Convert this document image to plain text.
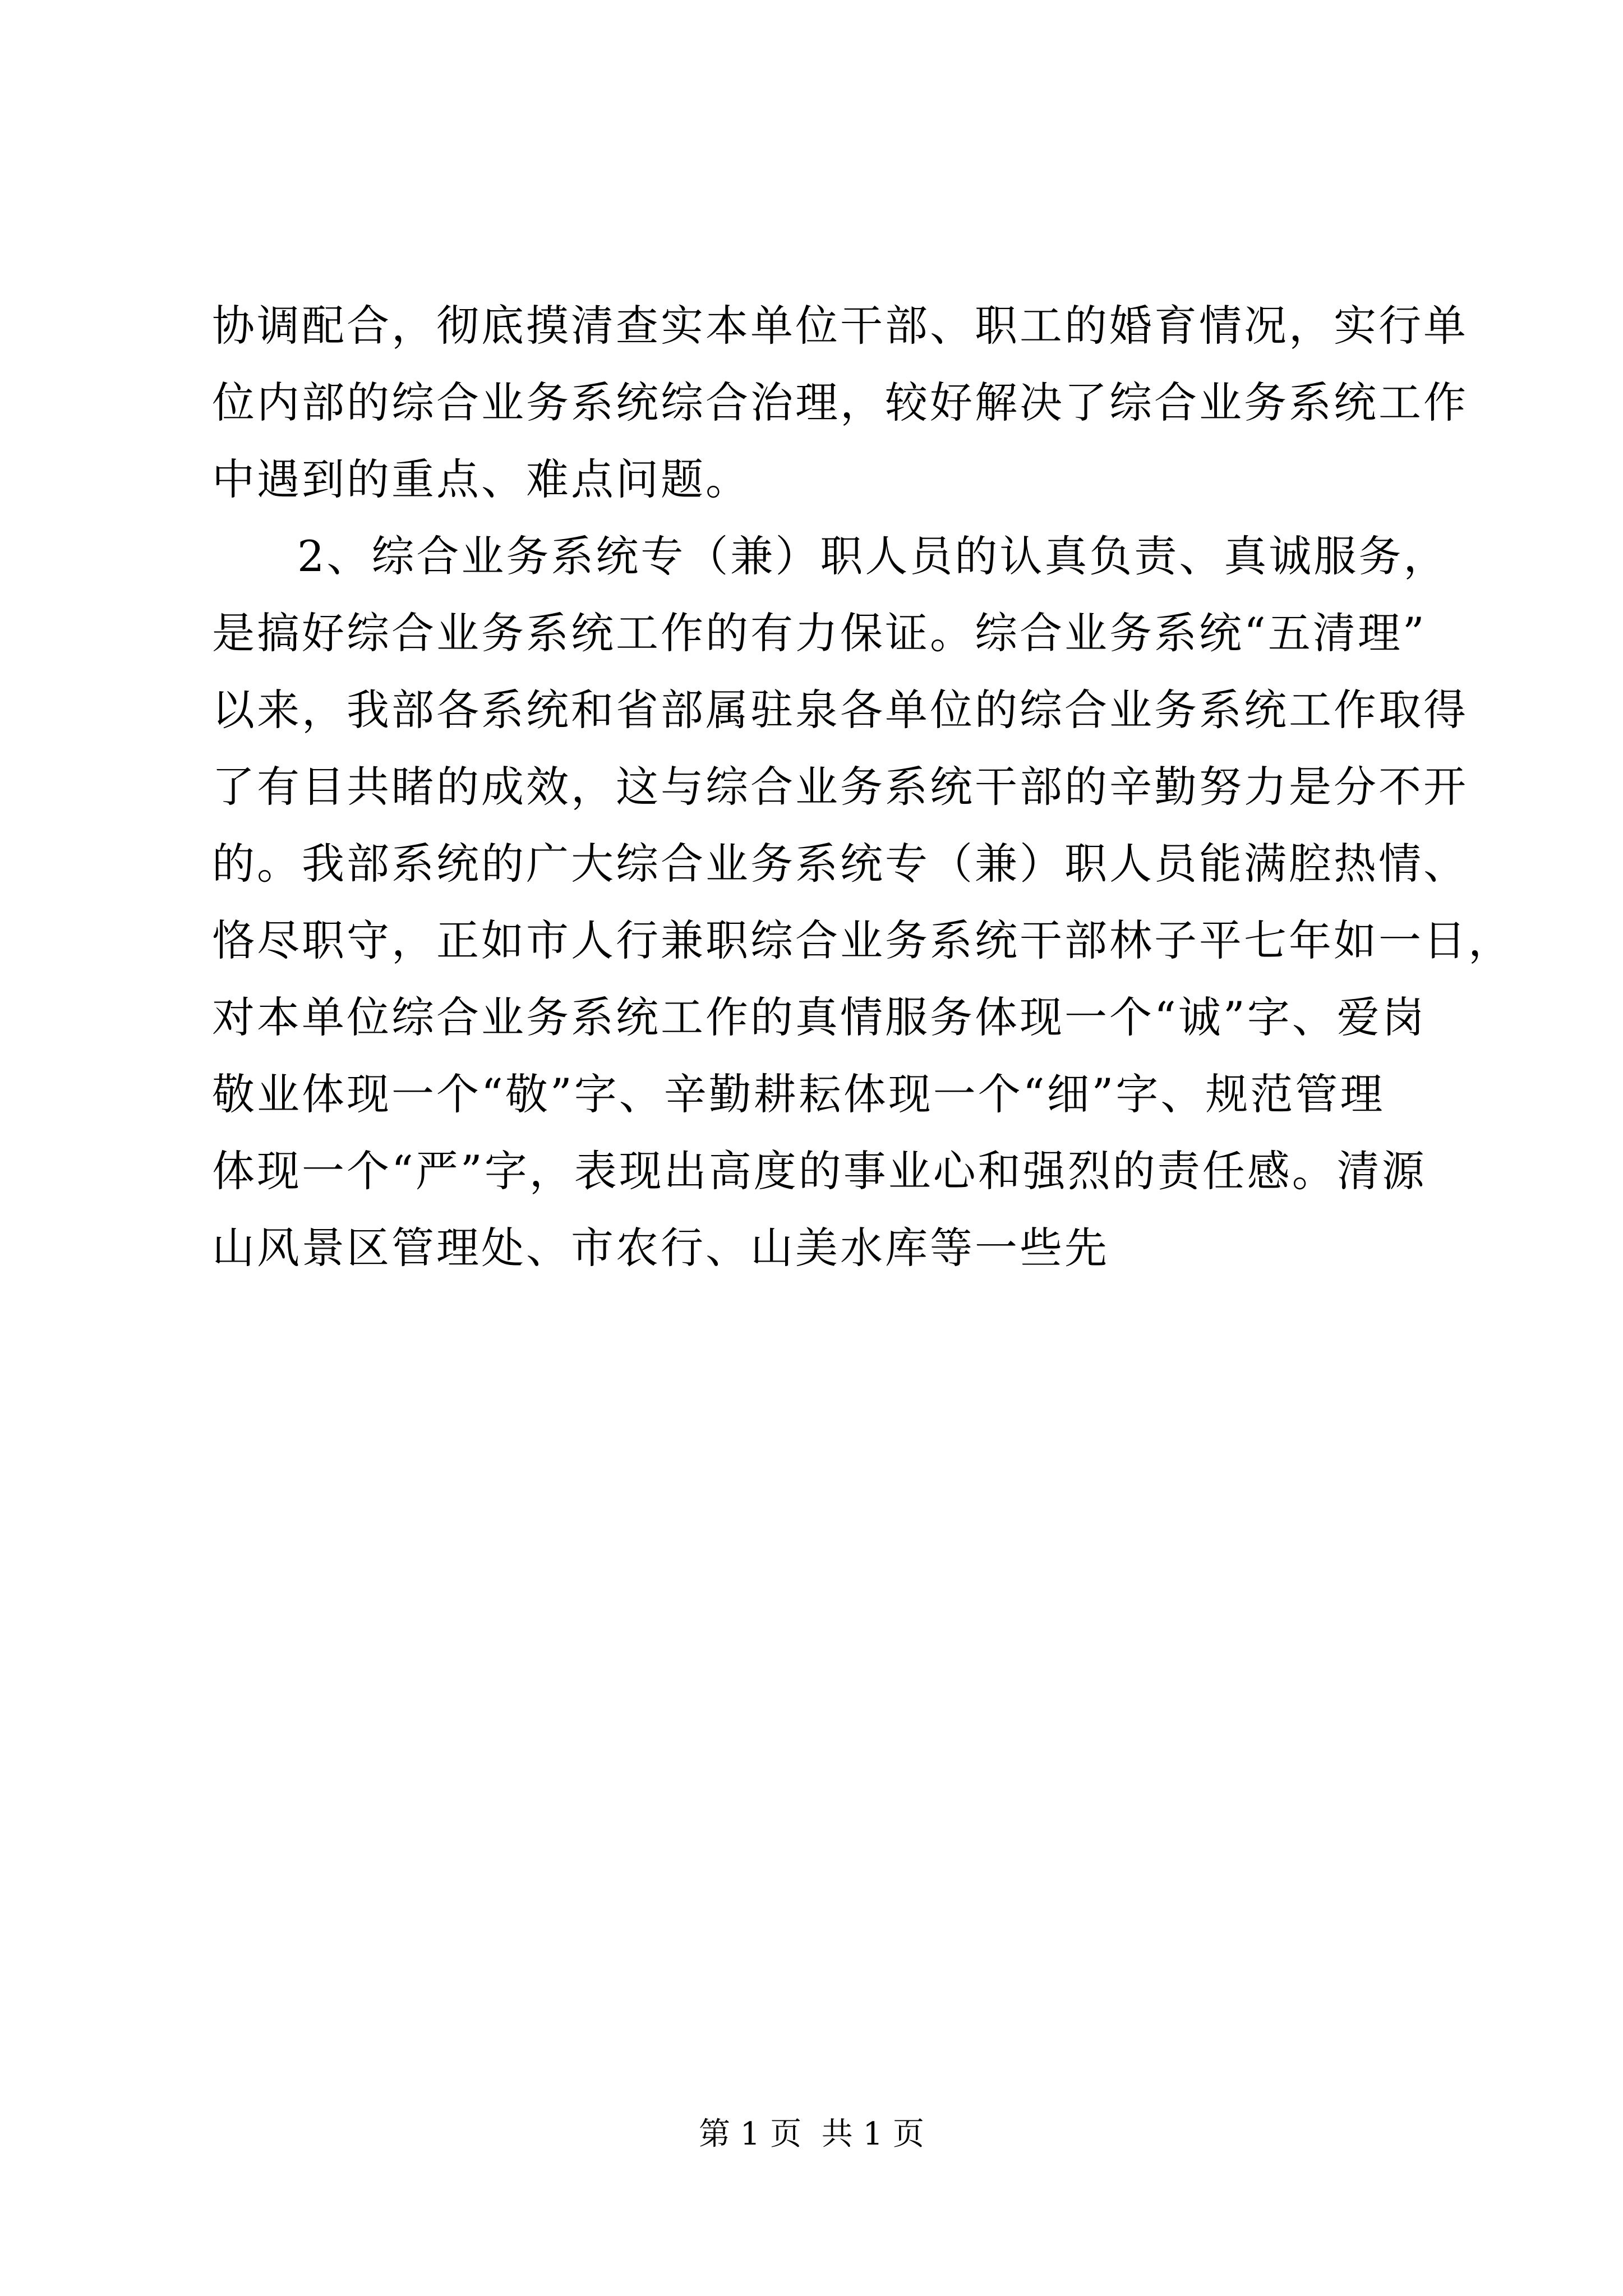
协调配合，彻底摸清查实本单位干部、职工的婚育情况，实行单
位内部的综合业务系统综合治理，较好解决了综合业务系统工作
中遇到的重点、难点问题。
2、综合业务系统专（兼）职人员的认真负责、真诚服务，
是搞好综合业务系统工作的有力保证。综合业务系统“五清理”
以来，我部各系统和省部属驻泉各单位的综合业务系统工作取得
了有目共睹的成效，这与综合业务系统干部的辛勤努力是分不开
的。我部系统的广大综合业务系统专（兼）职人员能满腔热情、
恪尽职守，正如市人行兼职综合业务系统干部林子平七年如一日，
对本单位综合业务系统工作的真情服务体现一个“诚”字、爱岗
敬业体现一个“敬”字、辛勤耕耘体现一个“细”字、规范管理
体现一个“严”字，表现出高度的事业心和强烈的责任感。清源
山风景区管理处、市农行、山美水库等一些先
第 1 页  共 1 页
